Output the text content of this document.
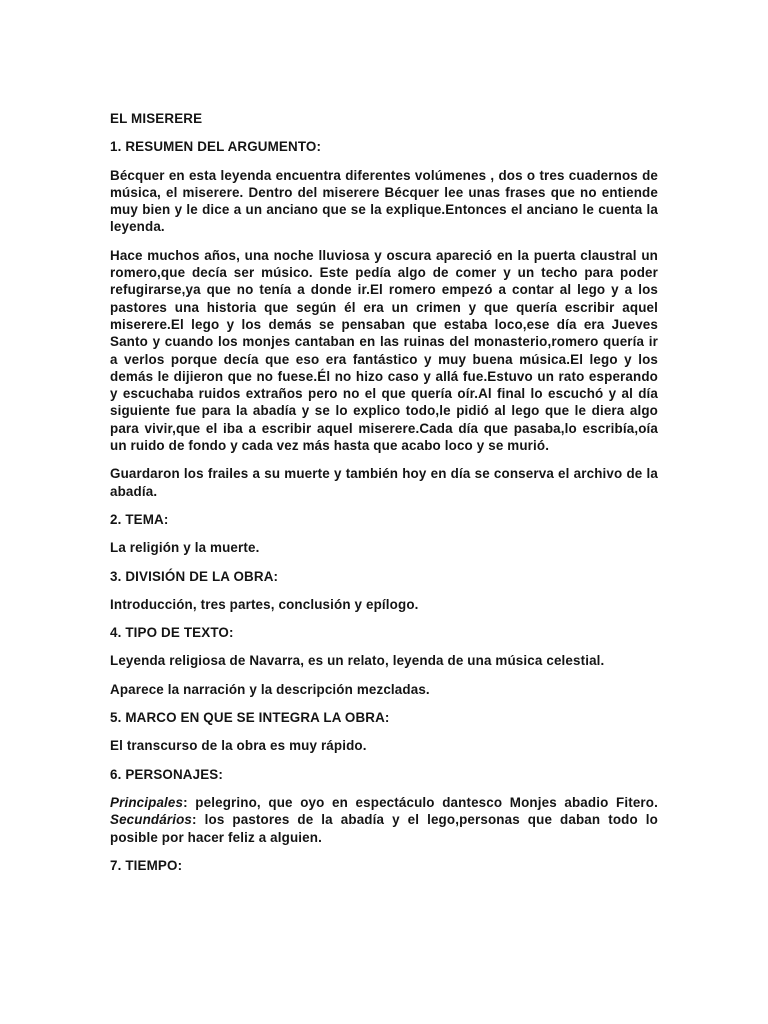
EL MISERERE

1. RESUMEN DEL ARGUMENTO:

Bécquer en esta leyenda encuentra diferentes volúmenes , dos o tres cuadernos de música, el miserere. Dentro del miserere Bécquer lee unas frases que no entiende muy bien y le dice a un anciano que se la explique.Entonces el anciano le cuenta la leyenda.

Hace muchos años, una noche lluviosa y oscura apareció en la puerta claustral un romero,que decía ser músico. Este pedía algo de comer y un techo para poder refugirarse,ya que no tenía a donde ir.El romero empezó a contar al lego y a los pastores una historia que según él era un crimen y que quería escribir aquel miserere.El lego y los demás se pensaban que estaba loco,ese día era Jueves Santo y cuando los monjes cantaban en las ruinas del monasterio,romero quería ir a verlos porque decía que eso era fantástico y muy buena música.El lego y los demás le dijieron que no fuese.Él no hizo caso y allá fue.Estuvo un rato esperando y escuchaba ruidos extraños pero no el que quería oír.Al final lo escuchó y al día siguiente fue para la abadía y se lo explico todo,le pidió al lego que le diera algo para vivir,que el iba a escribir aquel miserere.Cada día que pasaba,lo escribía,oía un ruido de fondo y cada vez más hasta que acabo loco y se murió.

Guardaron los frailes a su muerte y también hoy en día se conserva el archivo de la abadía.

2. TEMA:

La religión y la muerte.

3. DIVISIÓN DE LA OBRA:

Introducción, tres partes, conclusión y epílogo.

4. TIPO DE TEXTO:

Leyenda religiosa de Navarra, es un relato, leyenda de una música celestial.

Aparece la narración y la descripción mezcladas.

5. MARCO EN QUE SE INTEGRA LA OBRA:

El transcurso de la obra es muy rápido.

6. PERSONAJES:

Principales: pelegrino, que oyo en espectáculo dantesco Monjes abadio Fitero. Secundários: los pastores de la abadía y el lego,personas que daban todo lo posible por hacer feliz a alguien.

7. TIEMPO:
